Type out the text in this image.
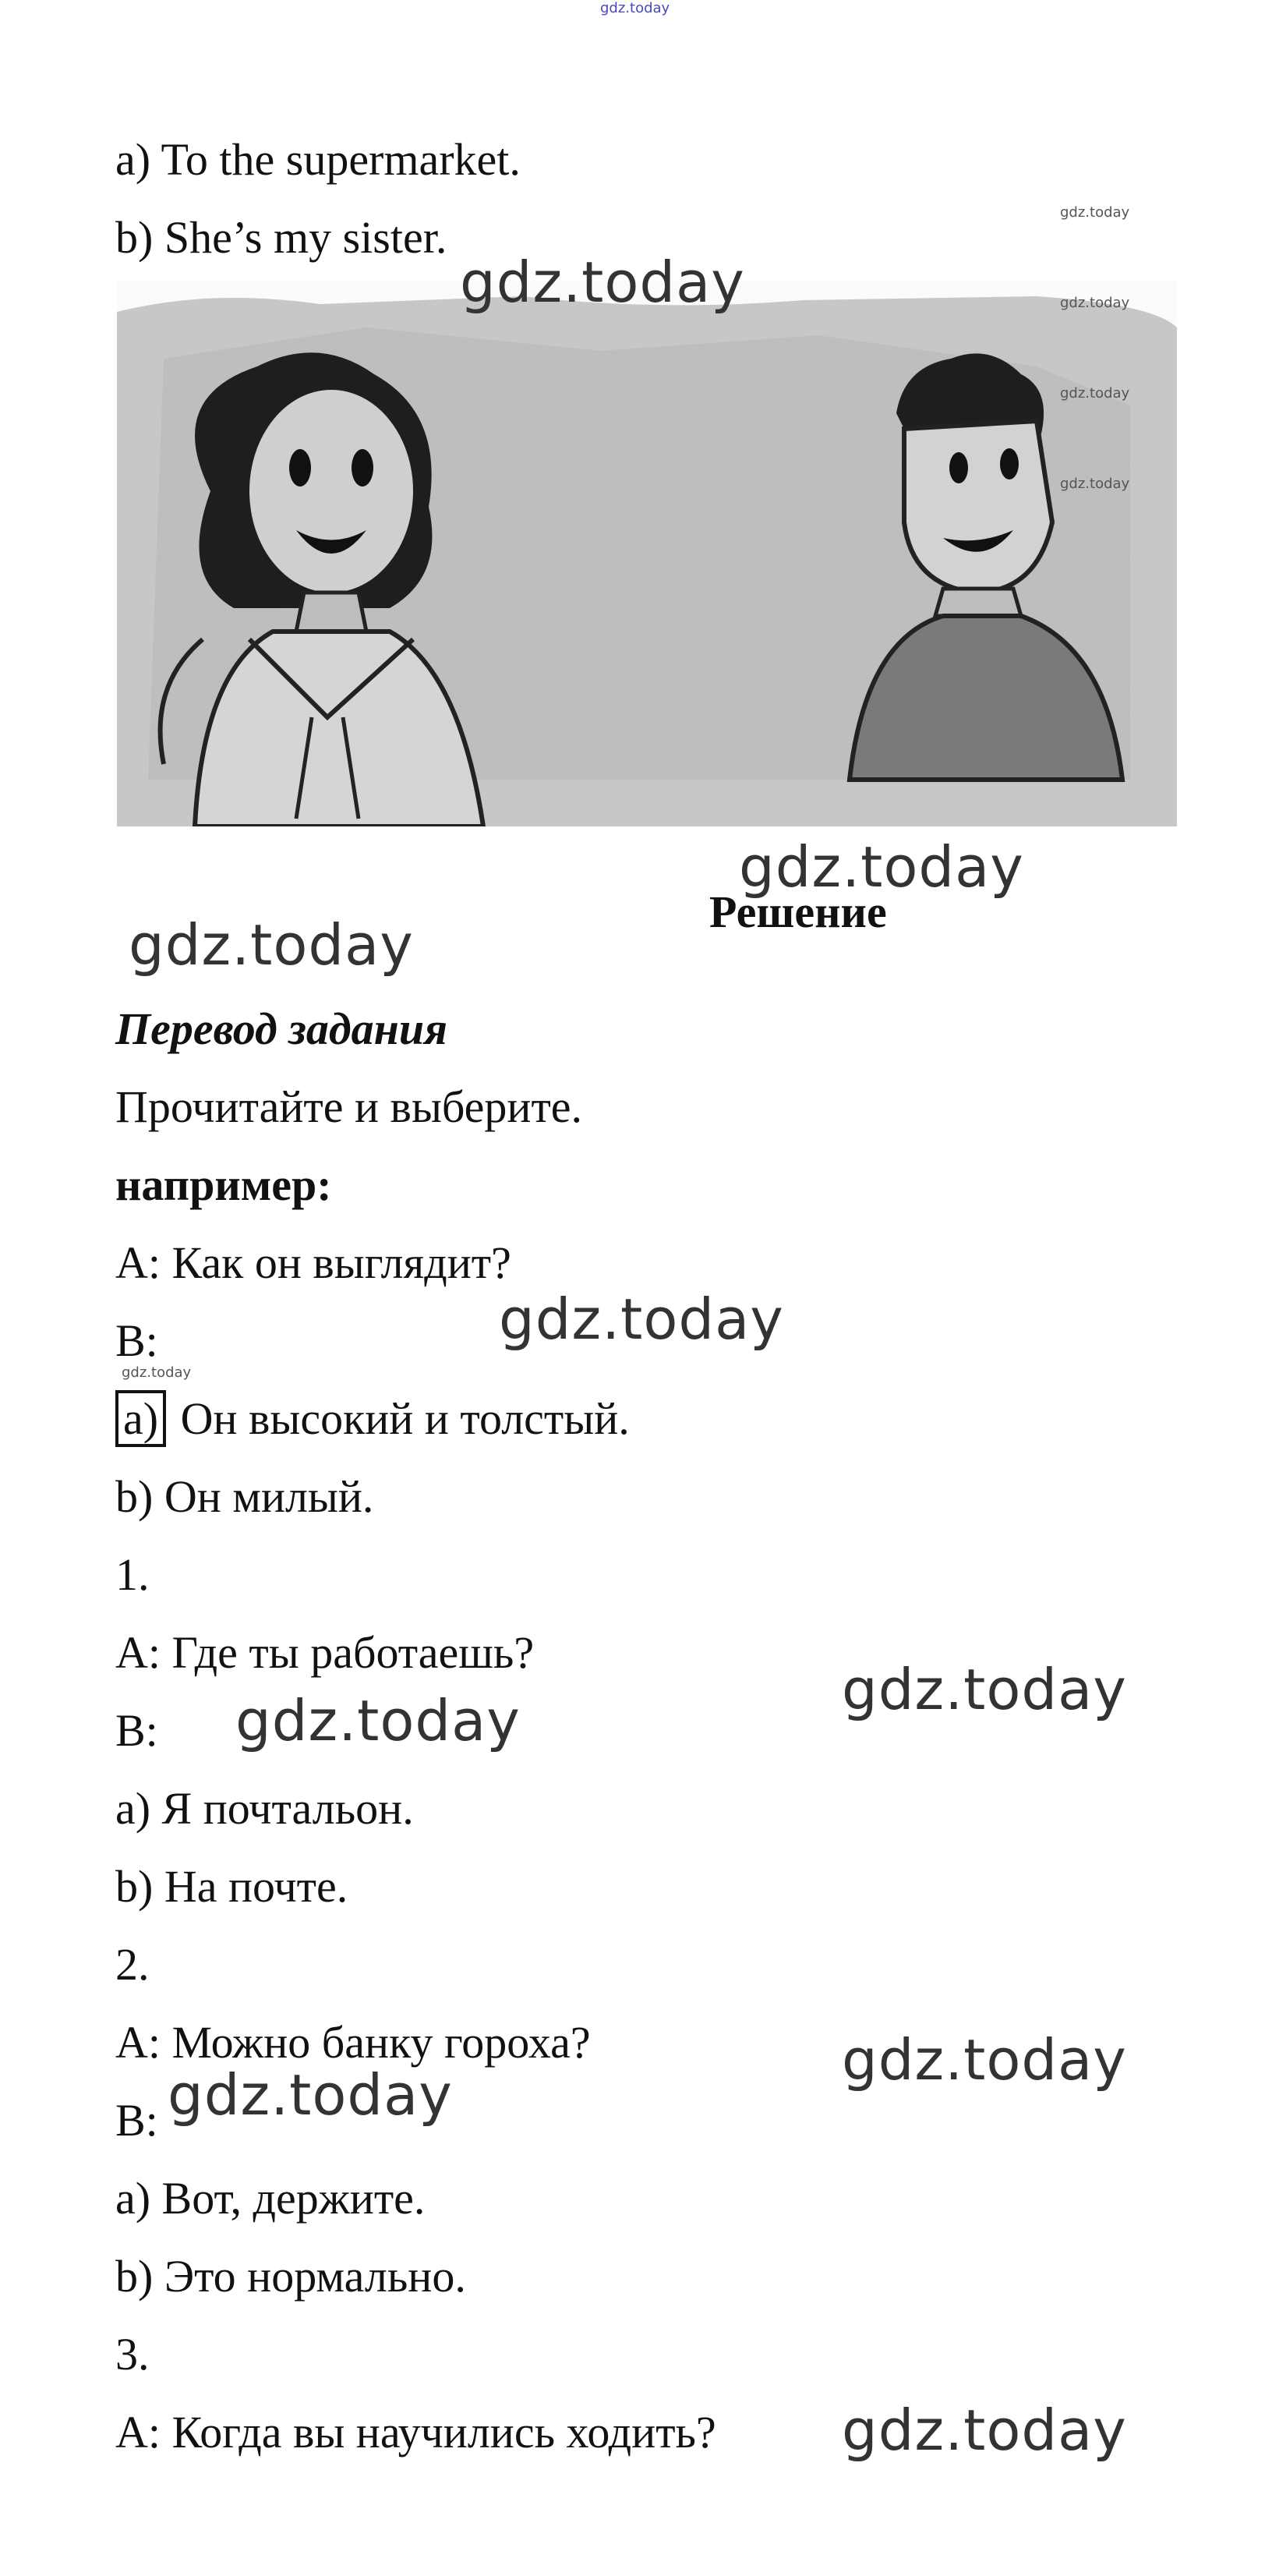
gdz.today
a) To the supermarket.
b) She’s my sister.
gdz.today
gdz.today
gdz.today
gdz.today
gdz.today
Решение
gdz.today
gdz.today
Перевод задания
Прочитайте и выберите.
например:
A: Как он выглядит?
B:	gdz.today
gdz.today
a) Он высокий и толстый.
b) Он милый.
1.
A: Где ты работаешь?
gdz.today
B: gdz.today
a) Я почтальон.
b) На почте.
2.
A: Можно банку гороха?	gdz.today
gdz.today
B:
a) Вот, держите.
b) Это нормально.
3.
A: Когда вы научились ходить? gdz.today
